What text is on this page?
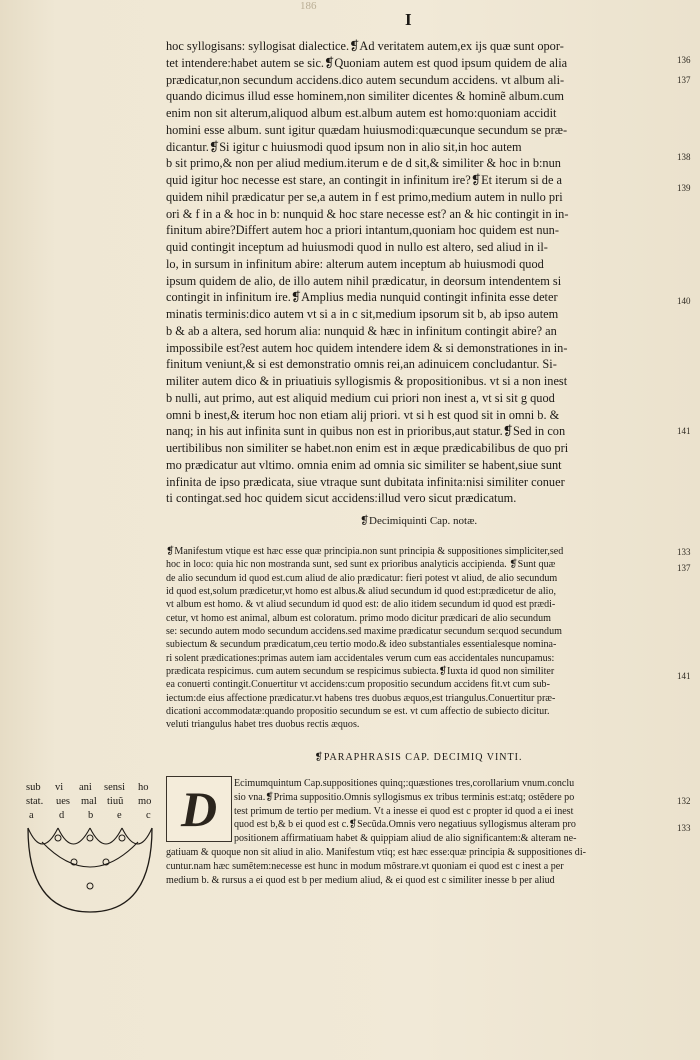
186
I

hoc syllogisans: syllogisat dialectice.❡Ad veritatem autem,ex ijs quæ sunt opor-

tet intendere:habet autem se sic.❡Quoniam autem est quod ipsum quidem de alia

prædicatur,non secundum accidens.dico autem secundum accidens. vt album ali-

quando dicimus illud esse hominem,non similiter dicentes & hominẽ album.cum

enim non sit alterum,aliquod album est.album autem est homo:quoniam accidit

homini esse album. sunt igitur quædam huiusmodi:quæcunque secundum se præ-

dicantur.❡Si igitur c huiusmodi quod ipsum non in alio sit,in hoc autem

b sit primo,& non per aliud medium.iterum e de d sit,& similiter & hoc in b:nun

quid igitur hoc necesse est stare, an contingit in infinitum ire?❡Et iterum si de a

quidem nihil prædicatur per se,a autem in f est primo,medium autem in nullo pri

ori & f in a & hoc in b: nunquid & hoc stare necesse est? an & hic contingit in in-

finitum abire?Differt autem hoc a priori intantum,quoniam hoc quidem est nun-

quid contingit inceptum ad huiusmodi quod in nullo est altero, sed aliud in il-

lo, in sursum in infinitum abire: alterum autem inceptum ab huiusmodi quod

ipsum quidem de alio, de illo autem nihil prædicatur, in deorsum intendentem si

contingit in infinitum ire.❡Amplius media nunquid contingit infinita esse deter

minatis terminis:dico autem vt si a in c sit,medium ipsorum sit b, ab ipso autem

b & ab a altera, sed horum alia: nunquid & hæc in infinitum contingit abire? an

impossibile est?est autem hoc quidem intendere idem & si demonstrationes in in-

finitum veniunt,& si est demonstratio omnis rei,an adinuicem concludantur. Si-

militer autem dico & in priuatiuis syllogismis & propositionibus. vt si a non inest

b nulli, aut primo, aut est aliquid medium cui priori non inest a, vt si sit g quod

omni b inest,& iterum hoc non etiam alij priori. vt si h est quod sit in omni b. &

nanq; in his aut infinita sunt in quibus non est in prioribus,aut statur.❡Sed in con

uertibilibus non similiter se habet.non enim est in æque prædicabilibus de quo pri

mo prædicatur aut vltimo. omnia enim ad omnia sic similiter se habent,siue sunt

infinita de ipso prædicata, siue vtraque sunt dubitata infinita:nisi similiter conuer

ti contingat.sed hoc quidem sicut accidens:illud vero sicut prædicatum.

136
137
138
139
140
141
❡Decimiquinti Cap. notæ.

❡Manifestum vtique est hæc esse quæ principia.non sunt principia & suppositiones simpliciter,sed

hoc in loco: quia hic non mostranda sunt, sed sunt ex prioribus analyticis accipienda. ❡Sunt quæ

de alio secundum id quod est.cum aliud de alio prædicatur: fieri potest vt aliud, de alio secundum

id quod est,solum prædicetur,vt homo est albus.& aliud secundum id quod est:prædicetur de alio,

vt album est homo. & vt aliud secundum id quod est: de alio itidem secundum id quod est prædi-

cetur, vt homo est animal, album est coloratum. primo modo dicitur prædicari de alio secundum

se: secundo autem modo secundum accidens.sed maxime prædicatur secundum se:quod secundum

subiectum & secundum prædicatum,ceu tertio modo.& ideo substantiales essentialesque nomina-

ri solent prædicationes:primas autem iam accidentales verum cum eas accidentales nuncupamus:

prædicata respicimus. cum autem secundum se respicimus subiecta.❡Iuxta id quod non similiter

ea conuerti contingit.Conuertitur vt accidens:cum propositio secundum accidens fit.vt cum sub-

iectum:de eius affectione prædicatur.vt habens tres duobus æquos,est triangulus.Conuertitur præ-

dicationi accommodatæ:quando propositio secundum se est. vt cum affectio de subiecto dicitur.

veluti triangulus habet tres duobus rectis æquos.

133
137
141
❡PARAPHRASIS CAP. DECIMIQ VINTI.
D Ecimumquintum Cap.suppositiones quinq;:quæstiones tres,corollarium vnum.conclu

sio vna.❡Prima suppositio.Omnis syllogismus ex tribus terminis est:atq; ostẽdere po

test primum de tertio per medium. Vt a inesse ei quod est c propter id quod a ei inest

quod est b,& b ei quod est c.❡Secũda.Omnis vero negatiuus syllogismus alteram pro

positionem affirmatiuam habet & quippiam aliud de alio significantem:& alteram ne-

gatiuam & quoque non sit aliud in alio. Manifestum vtiq; est hæc esse:quæ principia & suppositiones di-

cuntur.nam hæc sumẽtem:necesse est hunc in modum mõstrare.vt quoniam ei quod est c inest a per

medium b. & rursus a ei quod est b per medium aliud, & ei quod est c similiter inesse b per aliud

132
133
sub vi ani sensi ho
stat. ues mal tiuũ mo
a d b e c
